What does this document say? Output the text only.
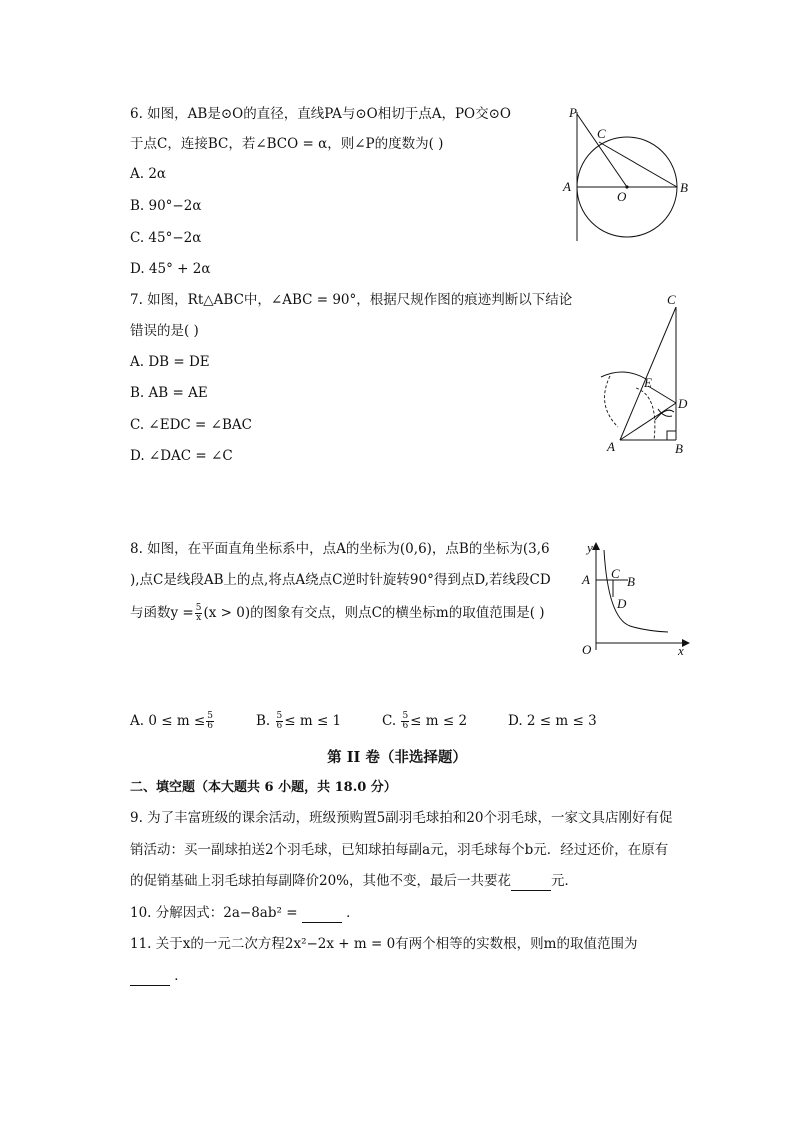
6. 如图，AB是⊙O的直径，直线PA与⊙O相切于点A，PO交⊙O
于点C，连接BC，若∠BCO = α，则∠P的度数为( )
A. 2α
B. 90°−2α
C. 45°−2α
D. 45° + 2α
P
C
A
O
B
7. 如图，Rt△ABC中，∠ABC = 90°，根据尺规作图的痕迹判断以下结论
错误的是( )
A. DB = DE
B. AB = AE
C. ∠EDC = ∠BAC
D. ∠DAC = ∠C
C
E
D
A	B
8. 如图，在平面直角坐标系中，点A的坐标为(0,6)，点B的坐标为(3,6
),点C是线段AB上的点,将点A绕点C逆时针旋转90°得到点D,若线段CD
与函数$y = \frac{5}{x} (x > 0)$的图象有交点，则点C的横坐标m的取值范围是( )
y
A C
B
D
O	x
A. $0 \le m \le \frac{5}{6}$	B. $\frac{5}{6} \le m \le 1$	C. $\frac{5}{6} \le m \le 2$	D. 2 ≤ m ≤ 3
第 II 卷（非选择题）
二、填空题（本大题共 6 小题，共 18.0 分）
9. 为了丰富班级的课余活动，班级预购置5副羽毛球拍和20个羽毛球，一家文具店刚好有促
销活动：买一副球拍送2个羽毛球，已知球拍每副a元，羽毛球每个b元．经过还价，在原有
的促销基础上羽毛球拍每副降价20%，其他不变，最后一共要花	元．
10. 分解因式：2a−8ab² =	．
11. 关于x的一元二次方程2x²−2x + m = 0有两个相等的实数根，则m的取值范围为
．
